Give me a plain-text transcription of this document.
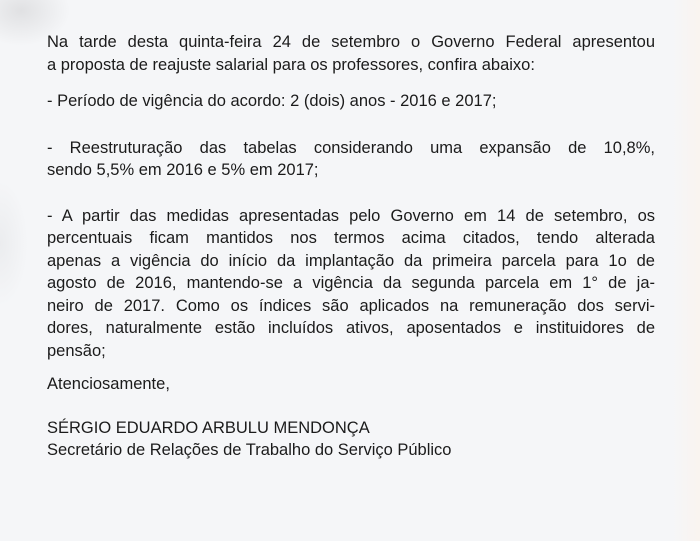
Na tarde desta quinta-feira 24 de setembro o Governo Federal apresentou
a proposta de reajuste salarial para os professores, confira abaixo:
- Período de vigência do acordo: 2 (dois) anos - 2016 e 2017;
- Reestruturação das tabelas considerando uma expansão de 10,8%,
sendo 5,5% em 2016 e 5% em 2017;
- A partir das medidas apresentadas pelo Governo em 14 de setembro, os
percentuais ficam mantidos nos termos acima citados, tendo alterada
apenas a vigência do início da implantação da primeira parcela para 1o de
agosto de 2016, mantendo-se a vigência da segunda parcela em 1° de ja-
neiro de 2017. Como os índices são aplicados na remuneração dos servi-
dores, naturalmente estão incluídos ativos, aposentados e instituidores de
pensão;
Atenciosamente,
SÉRGIO EDUARDO ARBULU MENDONÇA
Secretário de Relações de Trabalho do Serviço Público
